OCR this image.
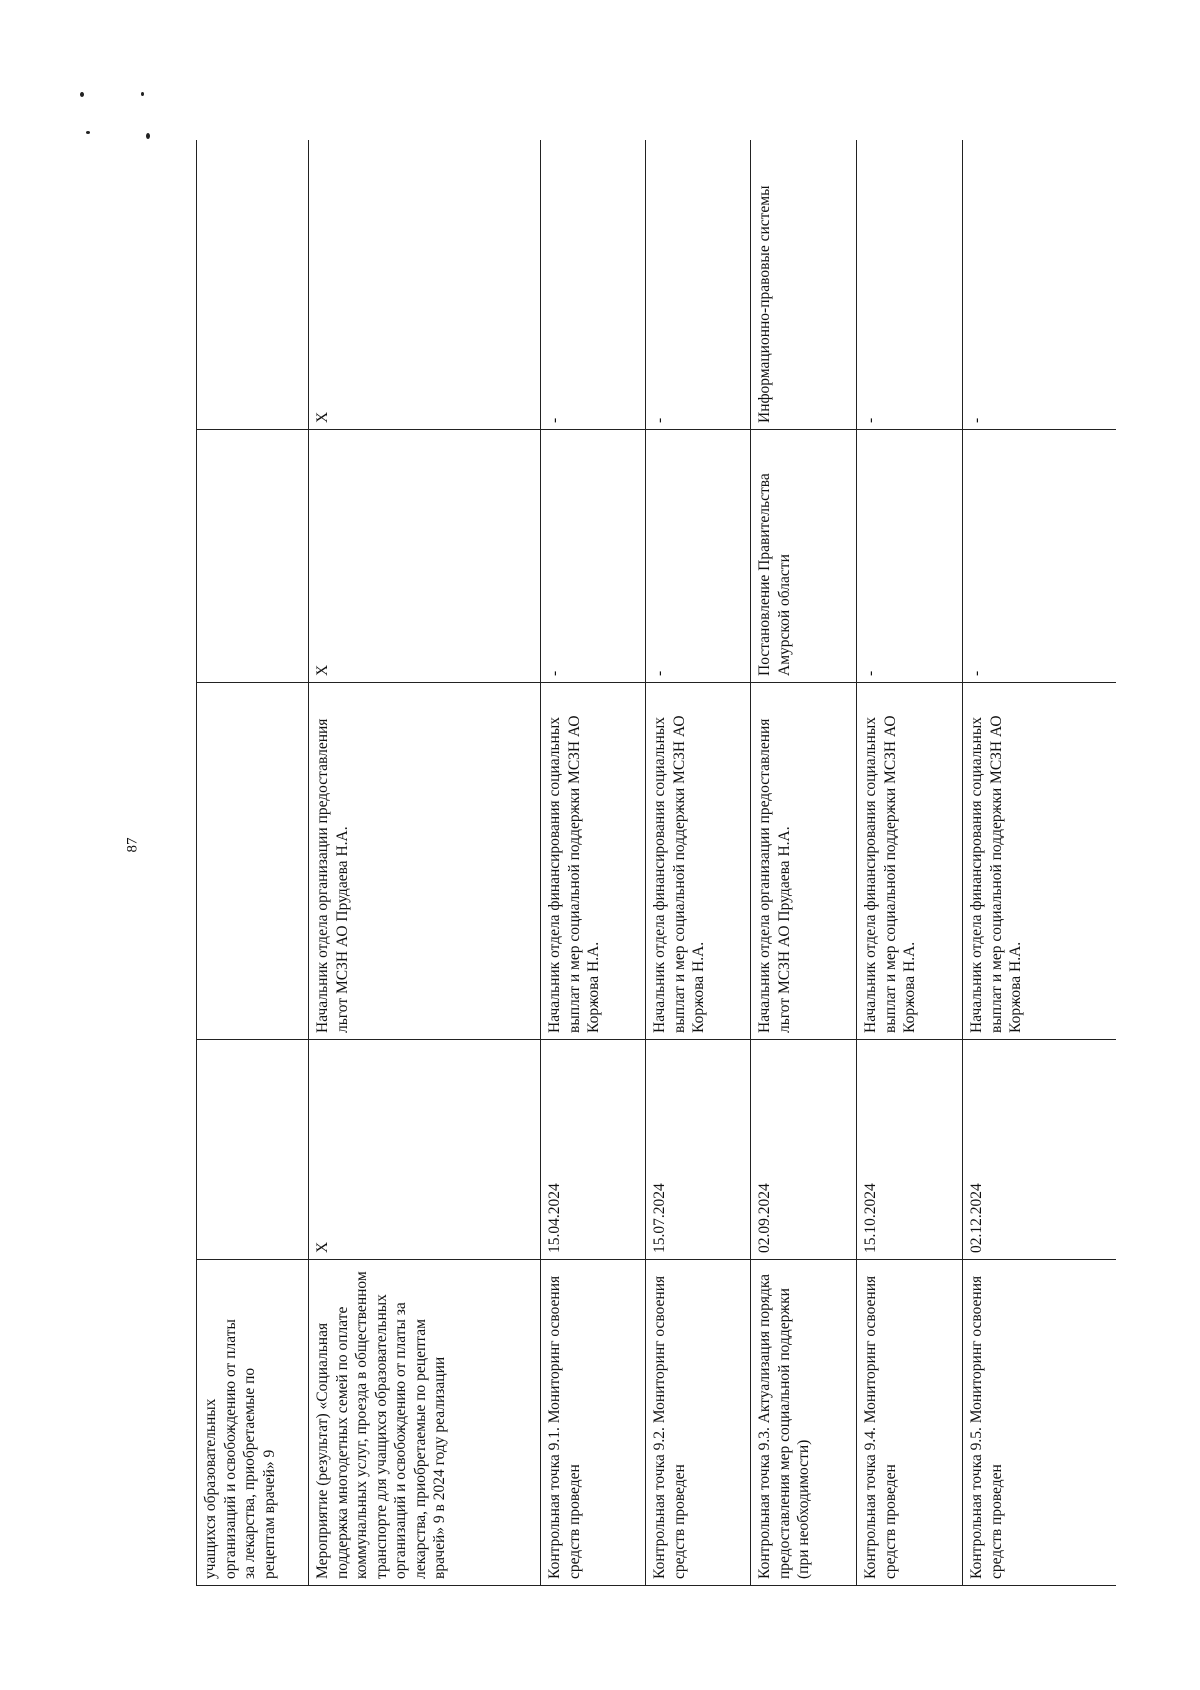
87
учащихся образовательных организаций и освобождению от платы за лекарства, приобретаемые по рецептам врачей» 9				
Мероприятие (результат) «Социальная поддержка многодетных семей по оплате коммунальных услуг, проезда в общественном транспорте для учащихся образовательных организаций и освобождению от платы за лекарства, приобретаемые по рецептам врачей» 9 в 2024 году реализации	X	Начальник отдела организации предоставления льгот МСЗН АО Прудаева Н.А.	X	X
Контрольная точка 9.1. Мониторинг освоения средств проведен	15.04.2024	Начальник отдела финансирования социальных выплат и мер социальной поддержки МСЗН АО Коржова Н.А.	-	-
Контрольная точка 9.2. Мониторинг освоения средств проведен	15.07.2024	Начальник отдела финансирования социальных выплат и мер социальной поддержки МСЗН АО Коржова Н.А.	-	-
Контрольная точка 9.3. Актуализация порядка предоставления мер социальной поддержки (при необходимости)	02.09.2024	Начальник отдела организации предоставления льгот МСЗН АО Прудаева Н.А.	Постановление Правительства Амурской области	Информационно-правовые системы
Контрольная точка 9.4. Мониторинг освоения средств проведен	15.10.2024	Начальник отдела финансирования социальных выплат и мер социальной поддержки МСЗН АО Коржова Н.А.	-	-
Контрольная точка 9.5. Мониторинг освоения средств проведен	02.12.2024	Начальник отдела финансирования социальных выплат и мер социальной поддержки МСЗН АО Коржова Н.А.	-	-
